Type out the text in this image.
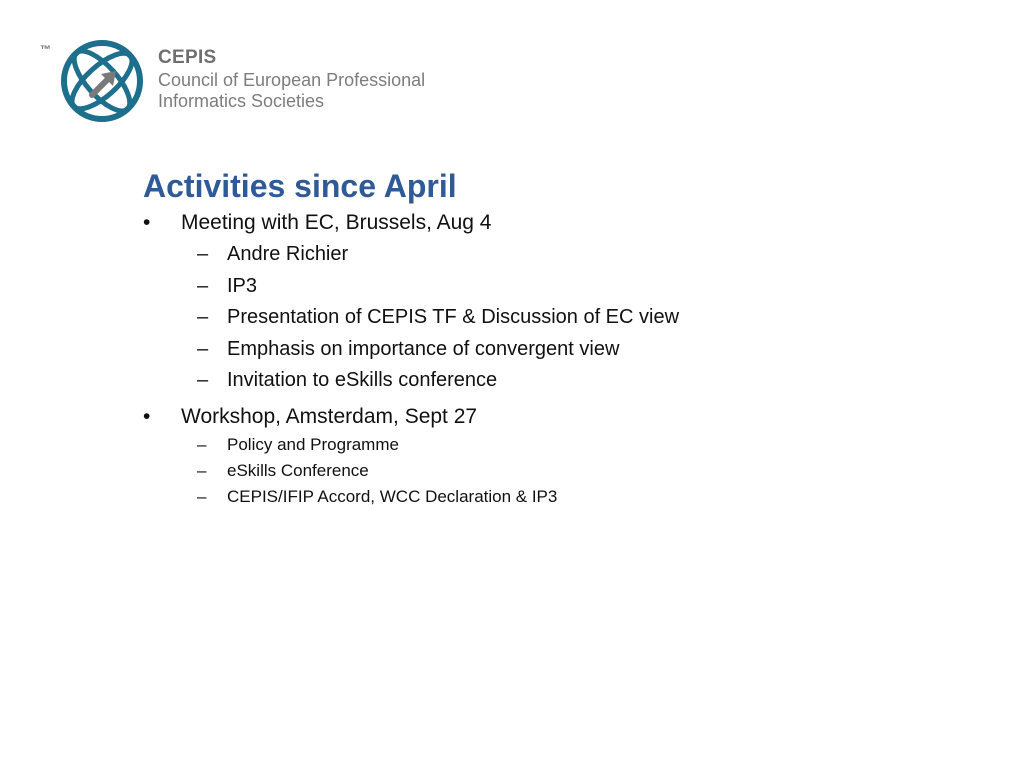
™	CEPIS
Council of European Professional
Informatics Societies
Activities since April
• Meeting with EC, Brussels, Aug 4
– Andre Richier
– IP3
– Presentation of CEPIS TF & Discussion of EC view
– Emphasis on importance of convergent view
– Invitation to eSkills conference
• Workshop, Amsterdam, Sept 27
– Policy and Programme
– eSkills Conference
– CEPIS/IFIP Accord, WCC Declaration & IP3
